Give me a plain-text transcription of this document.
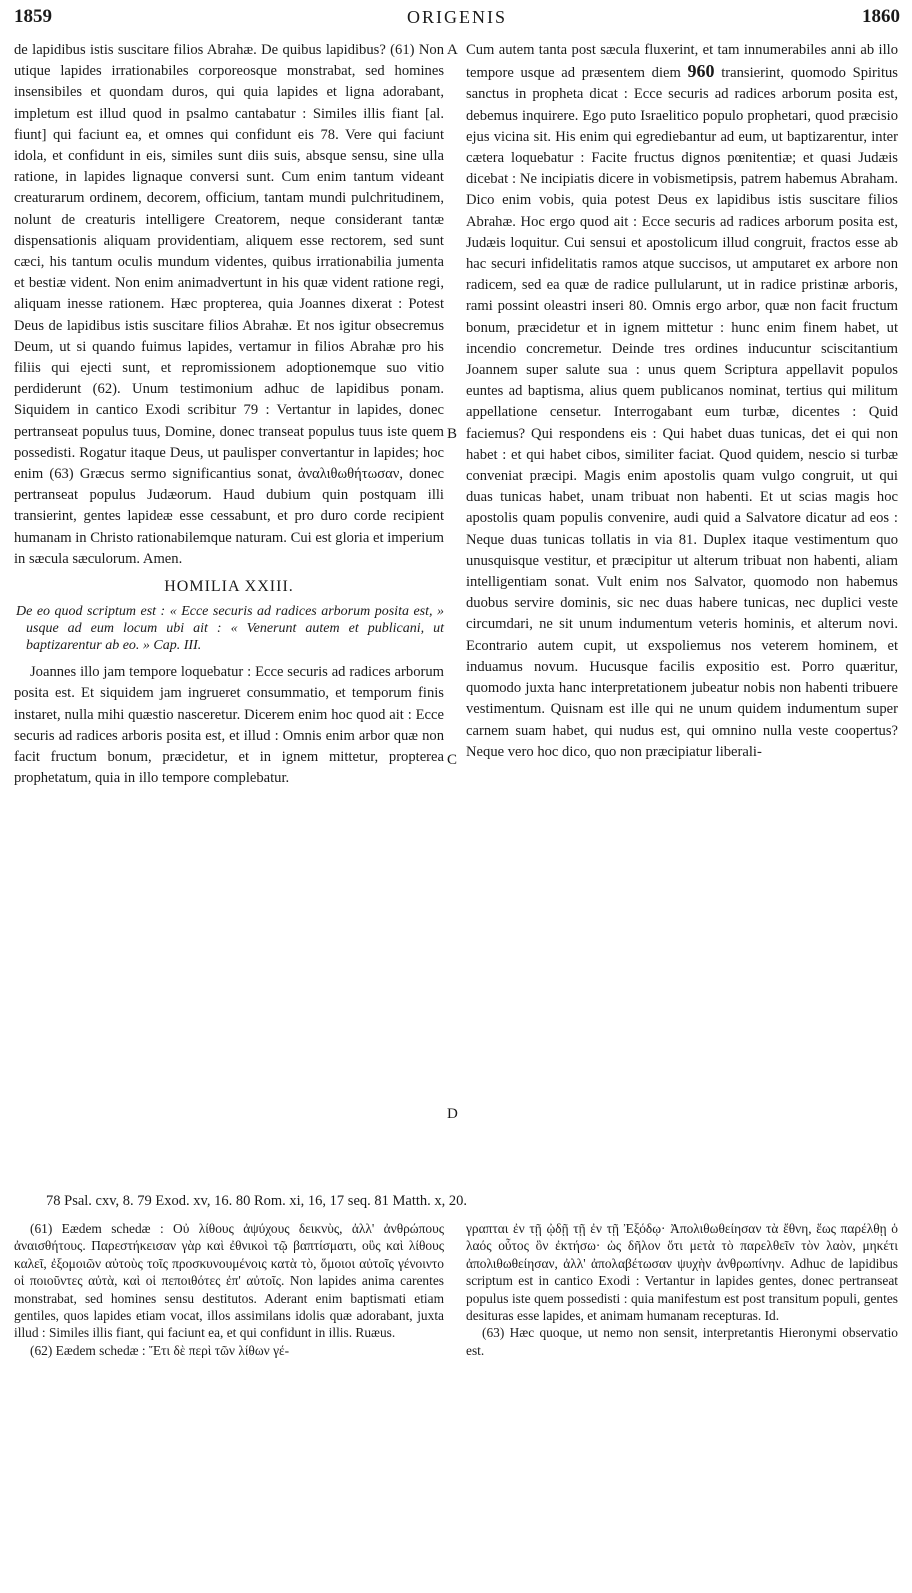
1859	ORIGENIS	1860
A
B
C
D

de lapidibus istis suscitare filios Abrahæ. De quibus lapidibus? (61) Non utique lapides irrationabiles corporeosque monstrabat, sed homines insensibiles et quondam duros, qui quia lapides et ligna adorabant, impletum est illud quod in psalmo cantabatur : Similes illis fiant [al. fiunt] qui faciunt ea, et omnes qui confidunt eis 78. Vere qui faciunt idola, et confidunt in eis, similes sunt diis suis, absque sensu, sine ulla ratione, in lapides lignaque conversi sunt. Cum enim tantum videant creaturarum ordinem, decorem, officium, tantam mundi pulchritudinem, nolunt de creaturis intelligere Creatorem, neque considerant tantæ dispensationis aliquam providentiam, aliquem esse rectorem, sed sunt cæci, his tantum oculis mundum videntes, quibus irrationabilia jumenta et bestiæ vident. Non enim animadvertunt in his quæ vident ratione regi, aliquam inesse rationem. Hæc propterea, quia Joannes dixerat : Potest Deus de lapidibus istis suscitare filios Abrahæ. Et nos igitur obsecremus Deum, ut si quando fuimus lapides, vertamur in filios Abrahæ pro his filiis qui ejecti sunt, et repromissionem adoptionemque suo vitio perdiderunt (62). Unum testimonium adhuc de lapidibus ponam. Siquidem in cantico Exodi scribitur 79 : Vertantur in lapides, donec pertranseat populus tuus, Domine, donec transeat populus tuus iste quem possedisti. Rogatur itaque Deus, ut paulisper convertantur in lapides; hoc enim (63) Græcus sermo significantius sonat, ἀναλιθωθήτωσαν, donec pertranseat populus Judæorum. Haud dubium quin postquam illi transierint, gentes lapideæ esse cessabunt, et pro duro corde recipient humanam in Christo rationabilemque naturam. Cui est gloria et imperium in sæcula sæculorum. Amen.

HOMILIA XXIII.
De eo quod scriptum est : « Ecce securis ad radices arborum posita est, » usque ad eum locum ubi ait : « Venerunt autem et publicani, ut baptizarentur ab eo. » Cap. III.

Joannes illo jam tempore loquebatur : Ecce securis ad radices arborum posita est. Et siquidem jam ingrueret consummatio, et temporum finis instaret, nulla mihi quæstio nasceretur. Dicerem enim hoc quod ait : Ecce securis ad radices arboris posita est, et illud : Omnis enim arbor quæ non facit fructum bonum, præcidetur, et in ignem mittetur, propterea prophetatum, quia in illo tempore complebatur.

Cum autem tanta post sæcula fluxerint, et tam innumerabiles anni ab illo tempore usque ad præsentem diem 960 transierint, quomodo Spiritus sanctus in propheta dicat : Ecce securis ad radices arborum posita est, debemus inquirere. Ego puto Israelitico populo prophetari, quod præcisio ejus vicina sit. His enim qui egrediebantur ad eum, ut baptizarentur, inter cætera loquebatur : Facite fructus dignos pœnitentiæ; et quasi Judæis dicebat : Ne incipiatis dicere in vobismetipsis, patrem habemus Abraham. Dico enim vobis, quia potest Deus ex lapidibus istis suscitare filios Abrahæ. Hoc ergo quod ait : Ecce securis ad radices arborum posita est, Judæis loquitur. Cui sensui et apostolicum illud congruit, fractos esse ab hac securi infidelitatis ramos atque succisos, ut amputaret ex arbore non radicem, sed ea quæ de radice pullularunt, ut in radice pristinæ arboris, rami possint oleastri inseri 80. Omnis ergo arbor, quæ non facit fructum bonum, præcidetur et in ignem mittetur : hunc enim finem habet, ut incendio concremetur. Deinde tres ordines inducuntur sciscitantium Joannem super salute sua : unus quem Scriptura appellavit populos euntes ad baptisma, alius quem publicanos nominat, tertius qui militum appellatione censetur. Interrogabant eum turbæ, dicentes : Quid faciemus? Qui respondens eis : Qui habet duas tunicas, det ei qui non habet : et qui habet cibos, similiter faciat. Quod quidem, nescio si turbæ conveniat præcipi. Magis enim apostolis quam vulgo congruit, ut qui duas tunicas habet, unam tribuat non habenti. Et ut scias magis hoc apostolis quam populis convenire, audi quid a Salvatore dicatur ad eos : Neque duas tunicas tollatis in via 81. Duplex itaque vestimentum quo unusquisque vestitur, et præcipitur ut alterum tribuat non habenti, aliam intelligentiam sonat. Vult enim nos Salvator, quomodo non habemus duobus servire dominis, sic nec duas habere tunicas, nec duplici veste circumdari, ne sit unum indumentum veteris hominis, et alterum novi. Econtrario autem cupit, ut exspoliemus nos veterem hominem, et induamus novum. Hucusque facilis expositio est. Porro quæritur, quomodo juxta hanc interpretationem jubeatur nobis non habenti tribuere vestimentum. Quisnam est ille qui ne unum quidem indumentum super carnem suam habet, qui nudus est, qui omnino nulla veste coopertus? Neque vero hoc dico, quo non præcipiatur liberali-

78 Psal. cxv, 8. 79 Exod. xv, 16. 80 Rom. xi, 16, 17 seq. 81 Matth. x, 20.

(61) Eædem schedæ : Οὐ λίθους ἀψύχους δεικνὺς, ἀλλ' ἀνθρώπους ἀναισθήτους. Παρεστήκεισαν γὰρ καὶ ἐθνικοὶ τῷ βαπτίσματι, οὓς καὶ λίθους καλεῖ, ἐξομοιῶν αὐτοὺς τοῖς προσκυνουμένοις κατὰ τὸ, ὅμοιοι αὐτοῖς γένοιντο οἱ ποιοῦντες αὐτὰ, καὶ οἱ πεποιθότες ἐπ' αὐτοῖς. Non lapides anima carentes monstrabat, sed homines sensu destitutos. Aderant enim baptismati etiam gentiles, quos lapides etiam vocat, illos assimilans idolis quæ adorabant, juxta illud : Similes illis fiant, qui faciunt ea, et qui confidunt in illis. Ruæus.

(62) Eædem schedæ : Ἔτι δὲ περὶ τῶν λίθων γέ-

γραπται ἐν τῇ ᾠδῇ τῇ ἐν τῇ Ἐξόδῳ· Ἀπολιθωθείησαν τὰ ἔθνη, ἕως παρέλθῃ ὁ λαός οὗτος ὃν ἐκτήσω· ὡς δῆλον ὅτι μετὰ τὸ παρελθεῖν τὸν λαὸν, μηκέτι ἀπολιθωθείησαν, ἀλλ' ἀπολαβέτωσαν ψυχὴν ἀνθρωπίνην. Adhuc de lapidibus scriptum est in cantico Exodi : Vertantur in lapides gentes, donec pertranseat populus iste quem possedisti : quia manifestum est post transitum populi, gentes desituras esse lapides, et animam humanam recepturas. Id.

(63) Hæc quoque, ut nemo non sensit, interpretantis Hieronymi observatio est.
